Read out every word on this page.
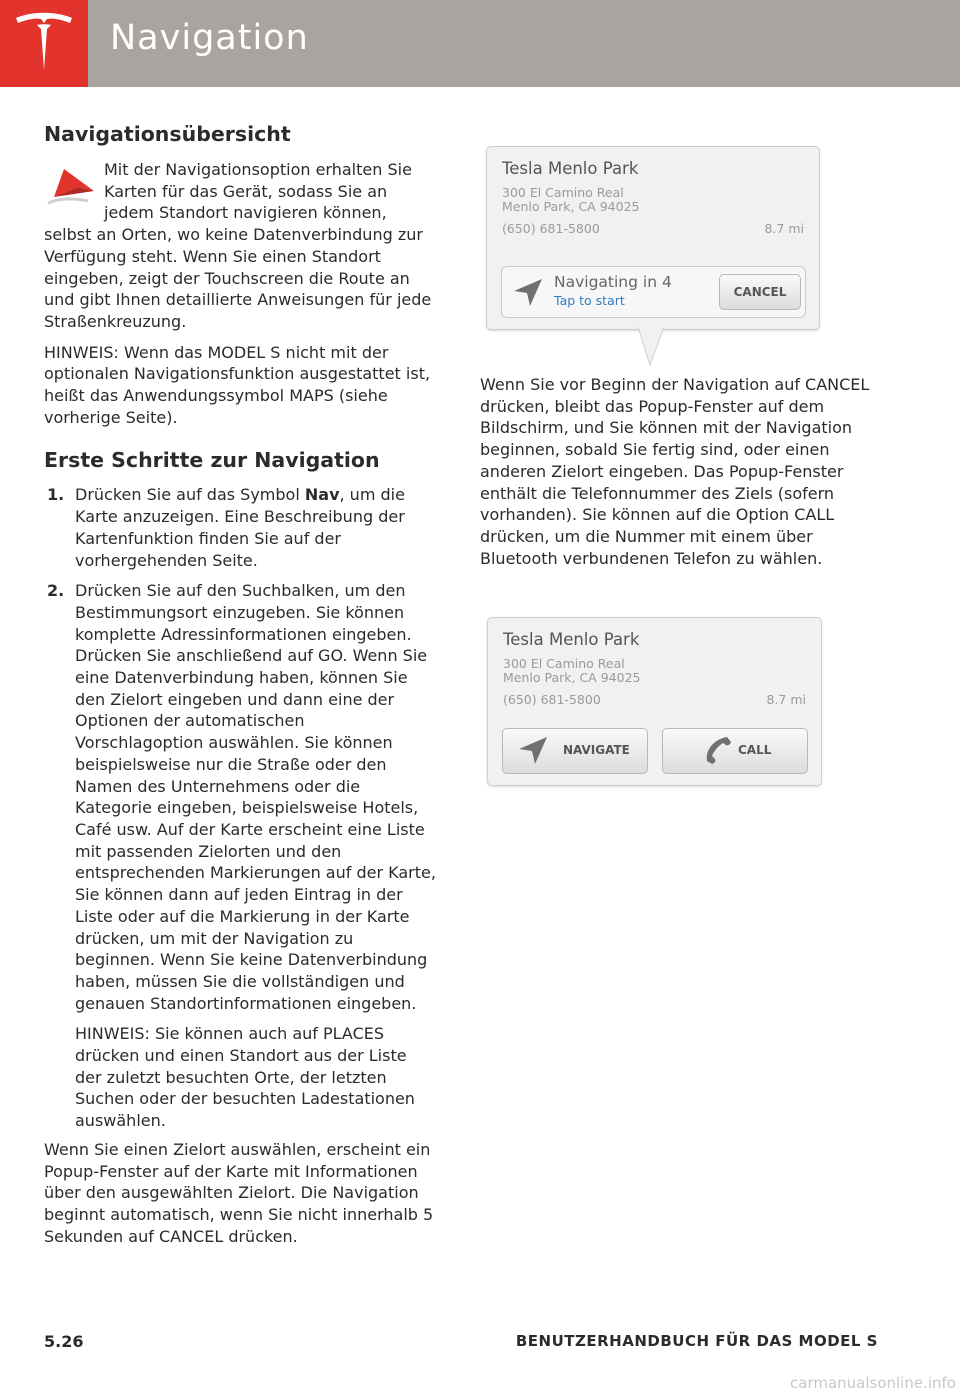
Navigation
Navigationsübersicht

Mit der Navigationsoption erhalten Sie Karten für das Gerät, sodass Sie an jedem Standort navigieren können, selbst an Orten, wo keine Datenverbindung zur Verfügung steht. Wenn Sie einen Standort eingeben, zeigt der Touchscreen die Route an und gibt Ihnen detaillierte Anweisungen für jede Straßenkreuzung.

HINWEIS: Wenn das MODEL S nicht mit der optionalen Navigationsfunktion ausgestattet ist, heißt das Anwendungssymbol MAPS (siehe vorherige Seite).

Erste Schritte zur Navigation
1. Drücken Sie auf das Symbol Nav, um die Karte anzuzeigen. Eine Beschreibung der Kartenfunktion finden Sie auf der vorhergehenden Seite.

2. Drücken Sie auf den Suchbalken, um den Bestimmungsort einzugeben. Sie können komplette Adressinformationen eingeben. Drücken Sie anschließend auf GO. Wenn Sie eine Datenverbindung haben, können Sie den Zielort eingeben und dann eine der Optionen der automatischen Vorschlagoption auswählen. Sie können beispielsweise nur die Straße oder den Namen des Unternehmens oder die Kategorie eingeben, beispielsweise Hotels, Café usw. Auf der Karte erscheint eine Liste mit passenden Zielorten und den entsprechenden Markierungen auf der Karte, Sie können dann auf jeden Eintrag in der Liste oder auf die Markierung in der Karte drücken, um mit der Navigation zu beginnen. Wenn Sie keine Datenverbindung haben, müssen Sie die vollständigen und genauen Standortinformationen eingeben.

HINWEIS: Sie können auch auf PLACES drücken und einen Standort aus der Liste der zuletzt besuchten Orte, der letzten Suchen oder der besuchten Ladestationen auswählen.

Wenn Sie einen Zielort auswählen, erscheint ein Popup-Fenster auf der Karte mit Informationen über den ausgewählten Zielort. Die Navigation beginnt automatisch, wenn Sie nicht innerhalb 5 Sekunden auf CANCEL drücken.

Tesla Menlo Park
300 El Camino Real
Menlo Park, CA 94025
(650) 681-5800	8.7 mi
Navigating in 4
Tap to start
CANCEL

Wenn Sie vor Beginn der Navigation auf CANCEL drücken, bleibt das Popup-Fenster auf dem Bildschirm, und Sie können mit der Navigation beginnen, sobald Sie fertig sind, oder einen anderen Zielort eingeben. Das Popup-Fenster enthält die Telefonnummer des Ziels (sofern vorhanden). Sie können auf die Option CALL drücken, um die Nummer mit einem über Bluetooth verbundenen Telefon zu wählen.

Tesla Menlo Park
300 El Camino Real
Menlo Park, CA 94025
(650) 681-5800	8.7 mi
NAVIGATE	CALL
5.26	BENUTZERHANDBUCH FÜR DAS MODEL S
carmanualsonline.info
